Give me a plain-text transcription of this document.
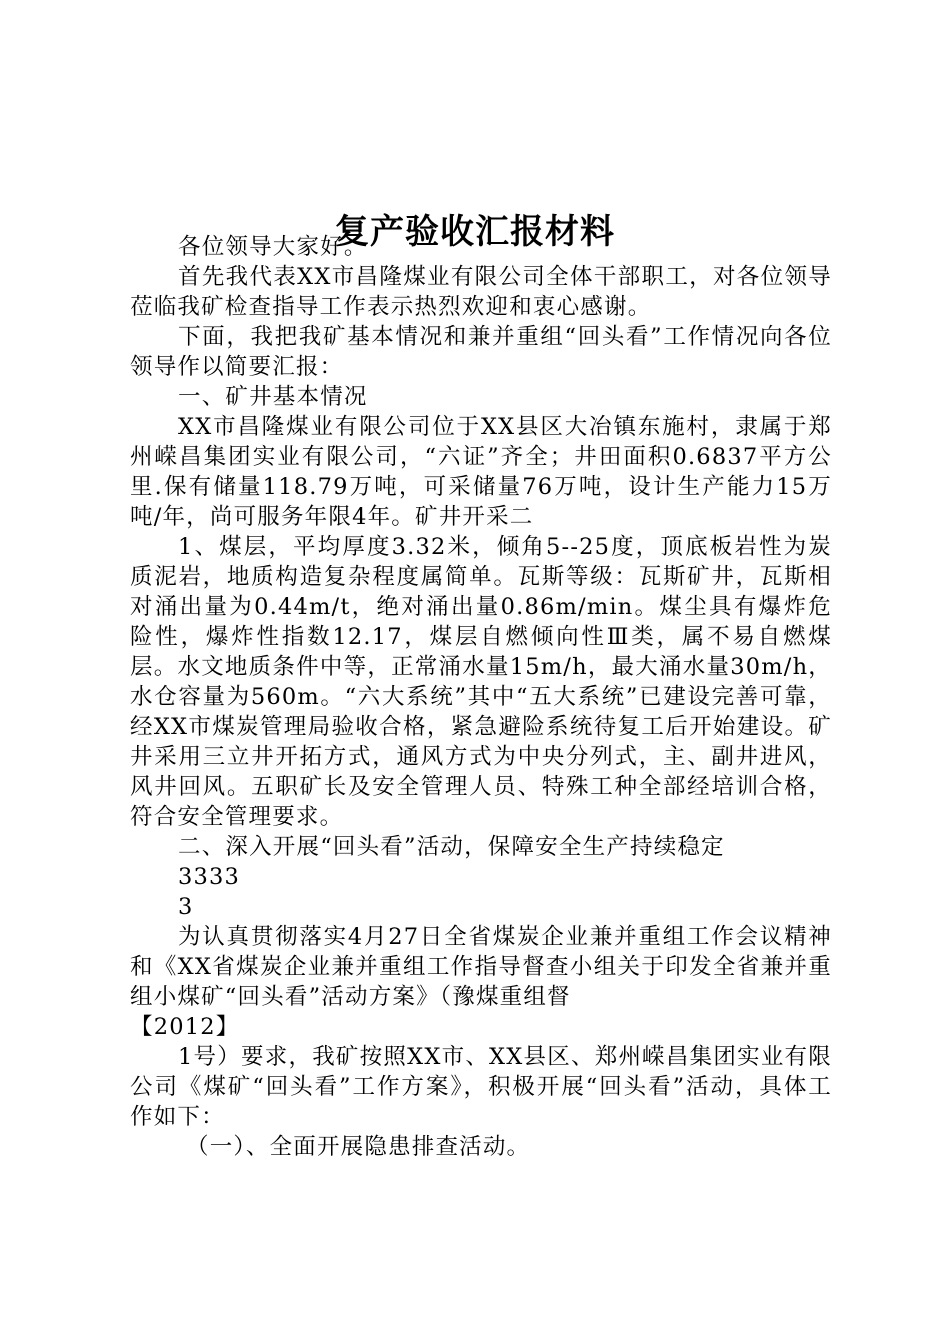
复产验收汇报材料

各位领导大家好。

首先我代表XX市昌隆煤业有限公司全体干部职工，对各位领导莅临我矿检查指导工作表示热烈欢迎和衷心感谢。

下面，我把我矿基本情况和兼并重组“回头看”工作情况向各位领导作以简要汇报：

一、矿井基本情况

XX市昌隆煤业有限公司位于XX县区大冶镇东施村，隶属于郑州嵘昌集团实业有限公司，“六证”齐全；井田面积0.6837平方公里.保有储量118.79万吨，可采储量76万吨，设计生产能力15万吨/年，尚可服务年限4年。矿井开采二

1、煤层，平均厚度3.32米，倾角5--25度，顶底板岩性为炭质泥岩，地质构造复杂程度属简单。瓦斯等级：瓦斯矿井，瓦斯相对涌出量为0.44m/t，绝对涌出量0.86m/min。煤尘具有爆炸危险性，爆炸性指数12.17，煤层自燃倾向性Ⅲ类，属不易自燃煤层。水文地质条件中等，正常涌水量15m/h，最大涌水量30m/h，水仓容量为560m。“六大系统”其中“五大系统”已建设完善可靠，经XX市煤炭管理局验收合格，紧急避险系统待复工后开始建设。矿井采用三立井开拓方式，通风方式为中央分列式，主、副井进风，风井回风。五职矿长及安全管理人员、特殊工种全部经培训合格，符合安全管理要求。

二、深入开展“回头看”活动，保障安全生产持续稳定

3333

3

为认真贯彻落实4月27日全省煤炭企业兼并重组工作会议精神和《XX省煤炭企业兼并重组工作指导督查小组关于印发全省兼并重组小煤矿“回头看”活动方案》（豫煤重组督

【2012】

1号）要求，我矿按照XX市、XX县区、郑州嵘昌集团实业有限公司《煤矿“回头看”工作方案》，积极开展“回头看”活动，具体工作如下：

（一）、全面开展隐患排查活动。
